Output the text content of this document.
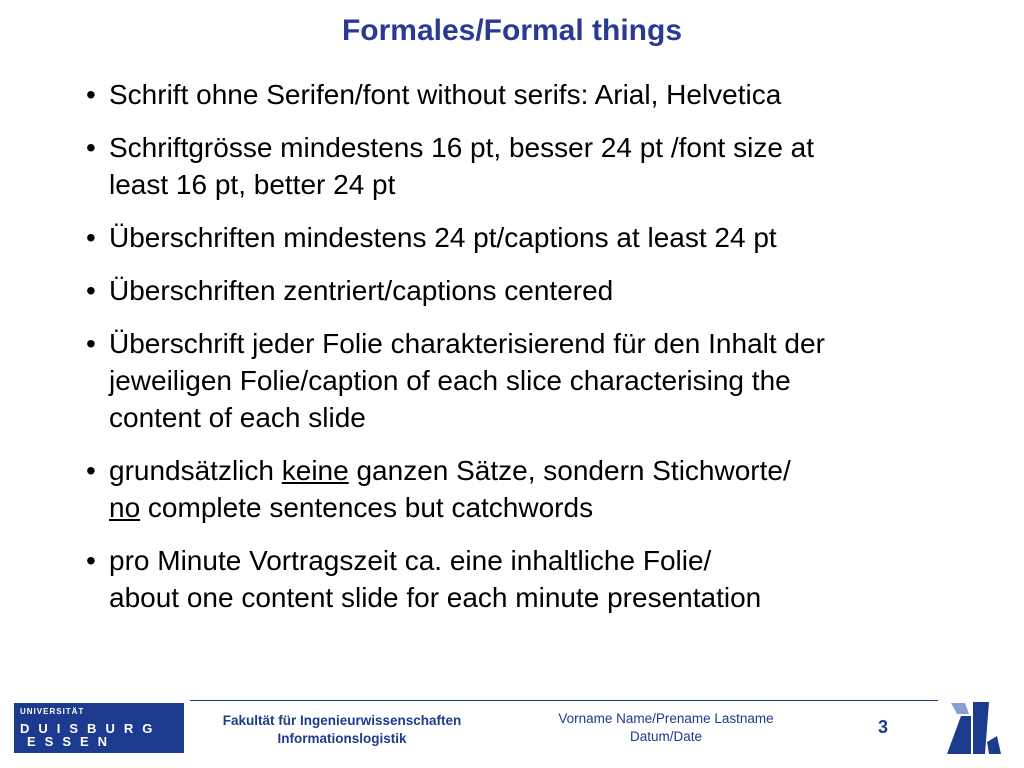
Formales/Formal things
• Schrift ohne Serifen/font without serifs: Arial, Helvetica
• Schriftgrösse mindestens 16 pt, besser 24 pt /font size at
least 16 pt, better 24 pt
• Überschriften mindestens 24 pt/captions at least 24 pt
• Überschriften zentriert/captions centered
• Überschrift jeder Folie charakterisierend für den Inhalt der
jeweiligen Folie/caption of each slice characterising the
content of each slide
• grundsätzlich keine ganzen Sätze, sondern Stichworte/
no complete sentences but catchwords
• pro Minute Vortragszeit ca. eine inhaltliche Folie/
about one content slide for each minute presentation
UNIVERSITÄT
DUISBURG
ESSEN
Fakultät für Ingenieurwissenschaften
Informationslogistik
Vorname Name/Prename Lastname
Datum/Date	3
